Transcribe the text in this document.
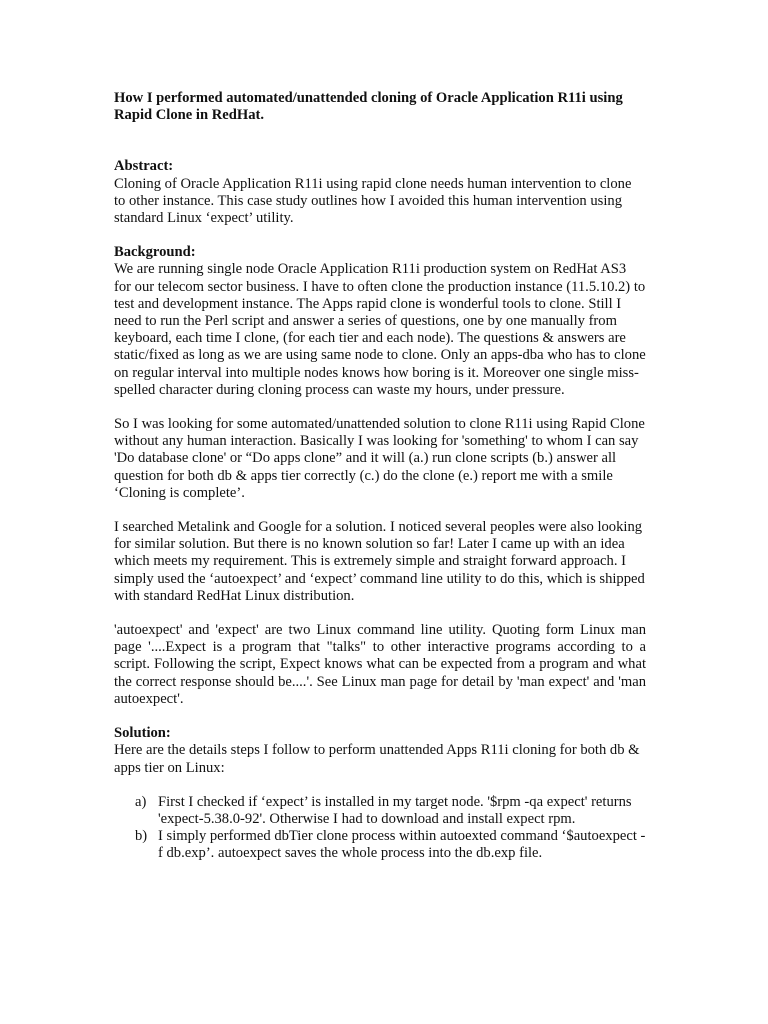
How I performed automated/unattended cloning of Oracle Application R11i using Rapid Clone in RedHat.

Abstract:

Cloning of Oracle Application R11i using rapid clone needs human intervention to clone to other instance. This case study outlines how I avoided this human intervention using standard Linux ‘expect’ utility.

Background:

We are running single node Oracle Application R11i production system on RedHat AS3 for our telecom sector business. I have to often clone the production instance (11.5.10.2) to test and development instance. The Apps rapid clone is wonderful tools to clone. Still I need to run the Perl script and answer a series of questions, one by one manually from keyboard, each time I clone, (for each tier and each node). The questions & answers are static/fixed as long as we are using same node to clone. Only an apps-dba who has to clone on regular interval into multiple nodes knows how boring is it. Moreover one single miss-spelled character during cloning process can waste my hours, under pressure.

So I was looking for some automated/unattended solution to clone R11i using Rapid Clone without any human interaction. Basically I was looking for 'something' to whom I can say 'Do database clone' or “Do apps clone” and it will (a.) run clone scripts (b.) answer all question for both db & apps tier correctly (c.) do the clone (e.) report me with a smile ‘Cloning is complete’.

I searched Metalink and Google for a solution. I noticed several peoples were also looking for similar solution. But there is no known solution so far! Later I came up with an idea which meets my requirement. This is extremely simple and straight forward approach. I simply used the ‘autoexpect’ and ‘expect’ command line utility to do this, which is shipped with standard RedHat Linux distribution.

'autoexpect' and 'expect' are two Linux command line utility. Quoting form Linux man page '....Expect is a program that "talks" to other interactive programs according to a script. Following the script, Expect knows what can be expected from a program and what the correct response should be....'. See Linux man page for detail by 'man expect' and 'man autoexpect'.

Solution:

Here are the details steps I follow to perform unattended Apps R11i cloning for both db & apps tier on Linux:

a) First I checked if ‘expect’ is installed in my target node. '$rpm -qa expect' returns 'expect-5.38.0-92'. Otherwise I had to download and install expect rpm.
b) I simply performed dbTier clone process within autoexted command ‘$autoexpect -f db.exp’. autoexpect saves the whole process into the db.exp file.
